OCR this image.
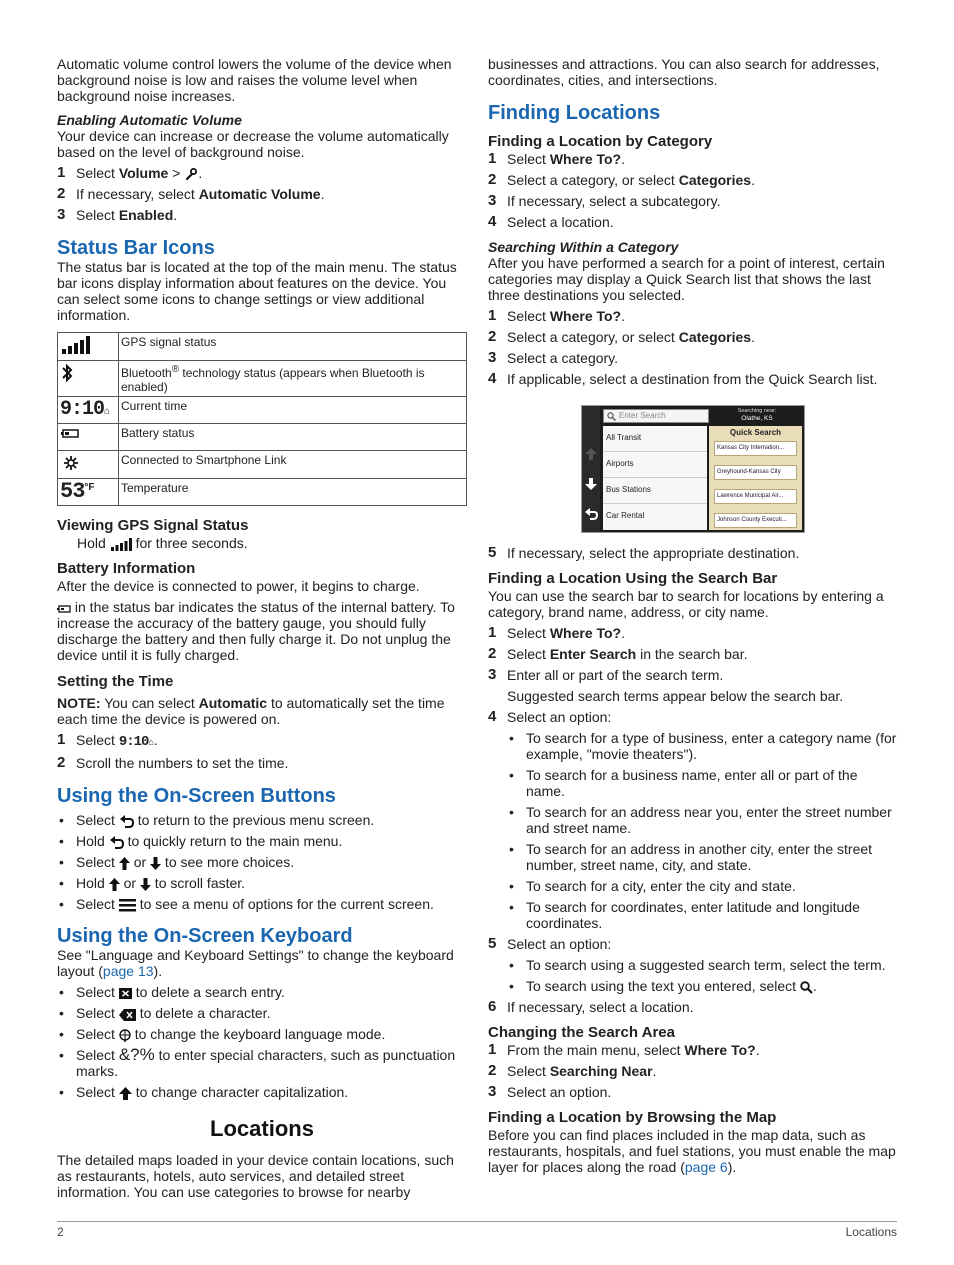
Automatic volume control lowers the volume of the device when background noise is low and raises the volume level when background noise increases.

Enabling Automatic Volume

Your device can increase or decrease the volume automatically based on the level of background noise.

1 Select Volume > .
2 If necessary, select Automatic Volume.
3 Select Enabled.
Status Bar Icons

The status bar is located at the top of the main menu. The status bar icons display information about features on the device. You can select some icons to change settings or view additional information.

	GPS signal status
	Bluetooth® technology status (appears when Bluetooth is enabled)
9:10⌂	Current time
	Battery status
	Connected to Smartphone Link
$53^{^\circ F}$	Temperature
Viewing GPS Signal Status

Hold  for three seconds.

Battery Information

After the device is connected to power, it begins to charge.

in the status bar indicates the status of the internal battery. To increase the accuracy of the battery gauge, you should fully discharge the battery and then fully charge it. Do not unplug the device until it is fully charged.

Setting the Time

NOTE: You can select Automatic to automatically set the time each time the device is powered on.

1 Select 9:10⌂.
2 Scroll the numbers to set the time.
Using the On-Screen Buttons
• Select  to return to the previous menu screen.
• Hold  to quickly return to the main menu.
• Select  or  to see more choices.
• Hold  or  to scroll faster.
• Select  to see a menu of options for the current screen.
Using the On-Screen Keyboard

See "Language and Keyboard Settings" to change the keyboard layout (page 13).

• Select  to delete a search entry.
• Select  to delete a character.
• Select  to change the keyboard language mode.
• Select &?% to enter special characters, such as punctuation marks.
• Select  to change character capitalization.
Locations

The detailed maps loaded in your device contain locations, such as restaurants, hotels, auto services, and detailed street information. You can use categories to browse for nearby

businesses and attractions. You can also search for addresses, coordinates, cities, and intersections.

Finding Locations
Finding a Location by Category
1 Select Where To?.
2 Select a category, or select Categories.
3 If necessary, select a subcategory.
4 Select a location.

Searching Within a Category

After you have performed a search for a point of interest, certain categories may display a Quick Search list that shows the last three destinations you selected.

1 Select Where To?.
2 Select a category, or select Categories.
3 Select a category.
4 If applicable, select a destination from the Quick Search list.
Enter Search	Searching near:
Olathe, KS
All Transit
Airports
Bus Stations
Car Rental
Quick Search
Kansas City Internation...
Greyhound-Kansas City
Lawrence Municipal Air...
Johnson County Executi...
5 If necessary, select the appropriate destination.
Finding a Location Using the Search Bar

You can use the search bar to search for locations by entering a category, brand name, address, or city name.

1 Select Where To?.
2 Select Enter Search in the search bar.
3 Enter all or part of the search term.
Suggested search terms appear below the search bar.
4 Select an option:
• To search for a type of business, enter a category name (for example, "movie theaters").
• To search for a business name, enter all or part of the name.
• To search for an address near you, enter the street number and street name.
• To search for an address in another city, enter the street number, street name, city, and state.
• To search for a city, enter the city and state.
• To search for coordinates, enter latitude and longitude coordinates.
5 Select an option:
• To search using a suggested search term, select the term.
• To search using the text you entered, select .
6 If necessary, select a location.
Changing the Search Area
1 From the main menu, select Where To?.
2 Select Searching Near.
3 Select an option.
Finding a Location by Browsing the Map

Before you can find places included in the map data, such as restaurants, hospitals, and fuel stations, you must enable the map layer for places along the road (page 6).

2	Locations
